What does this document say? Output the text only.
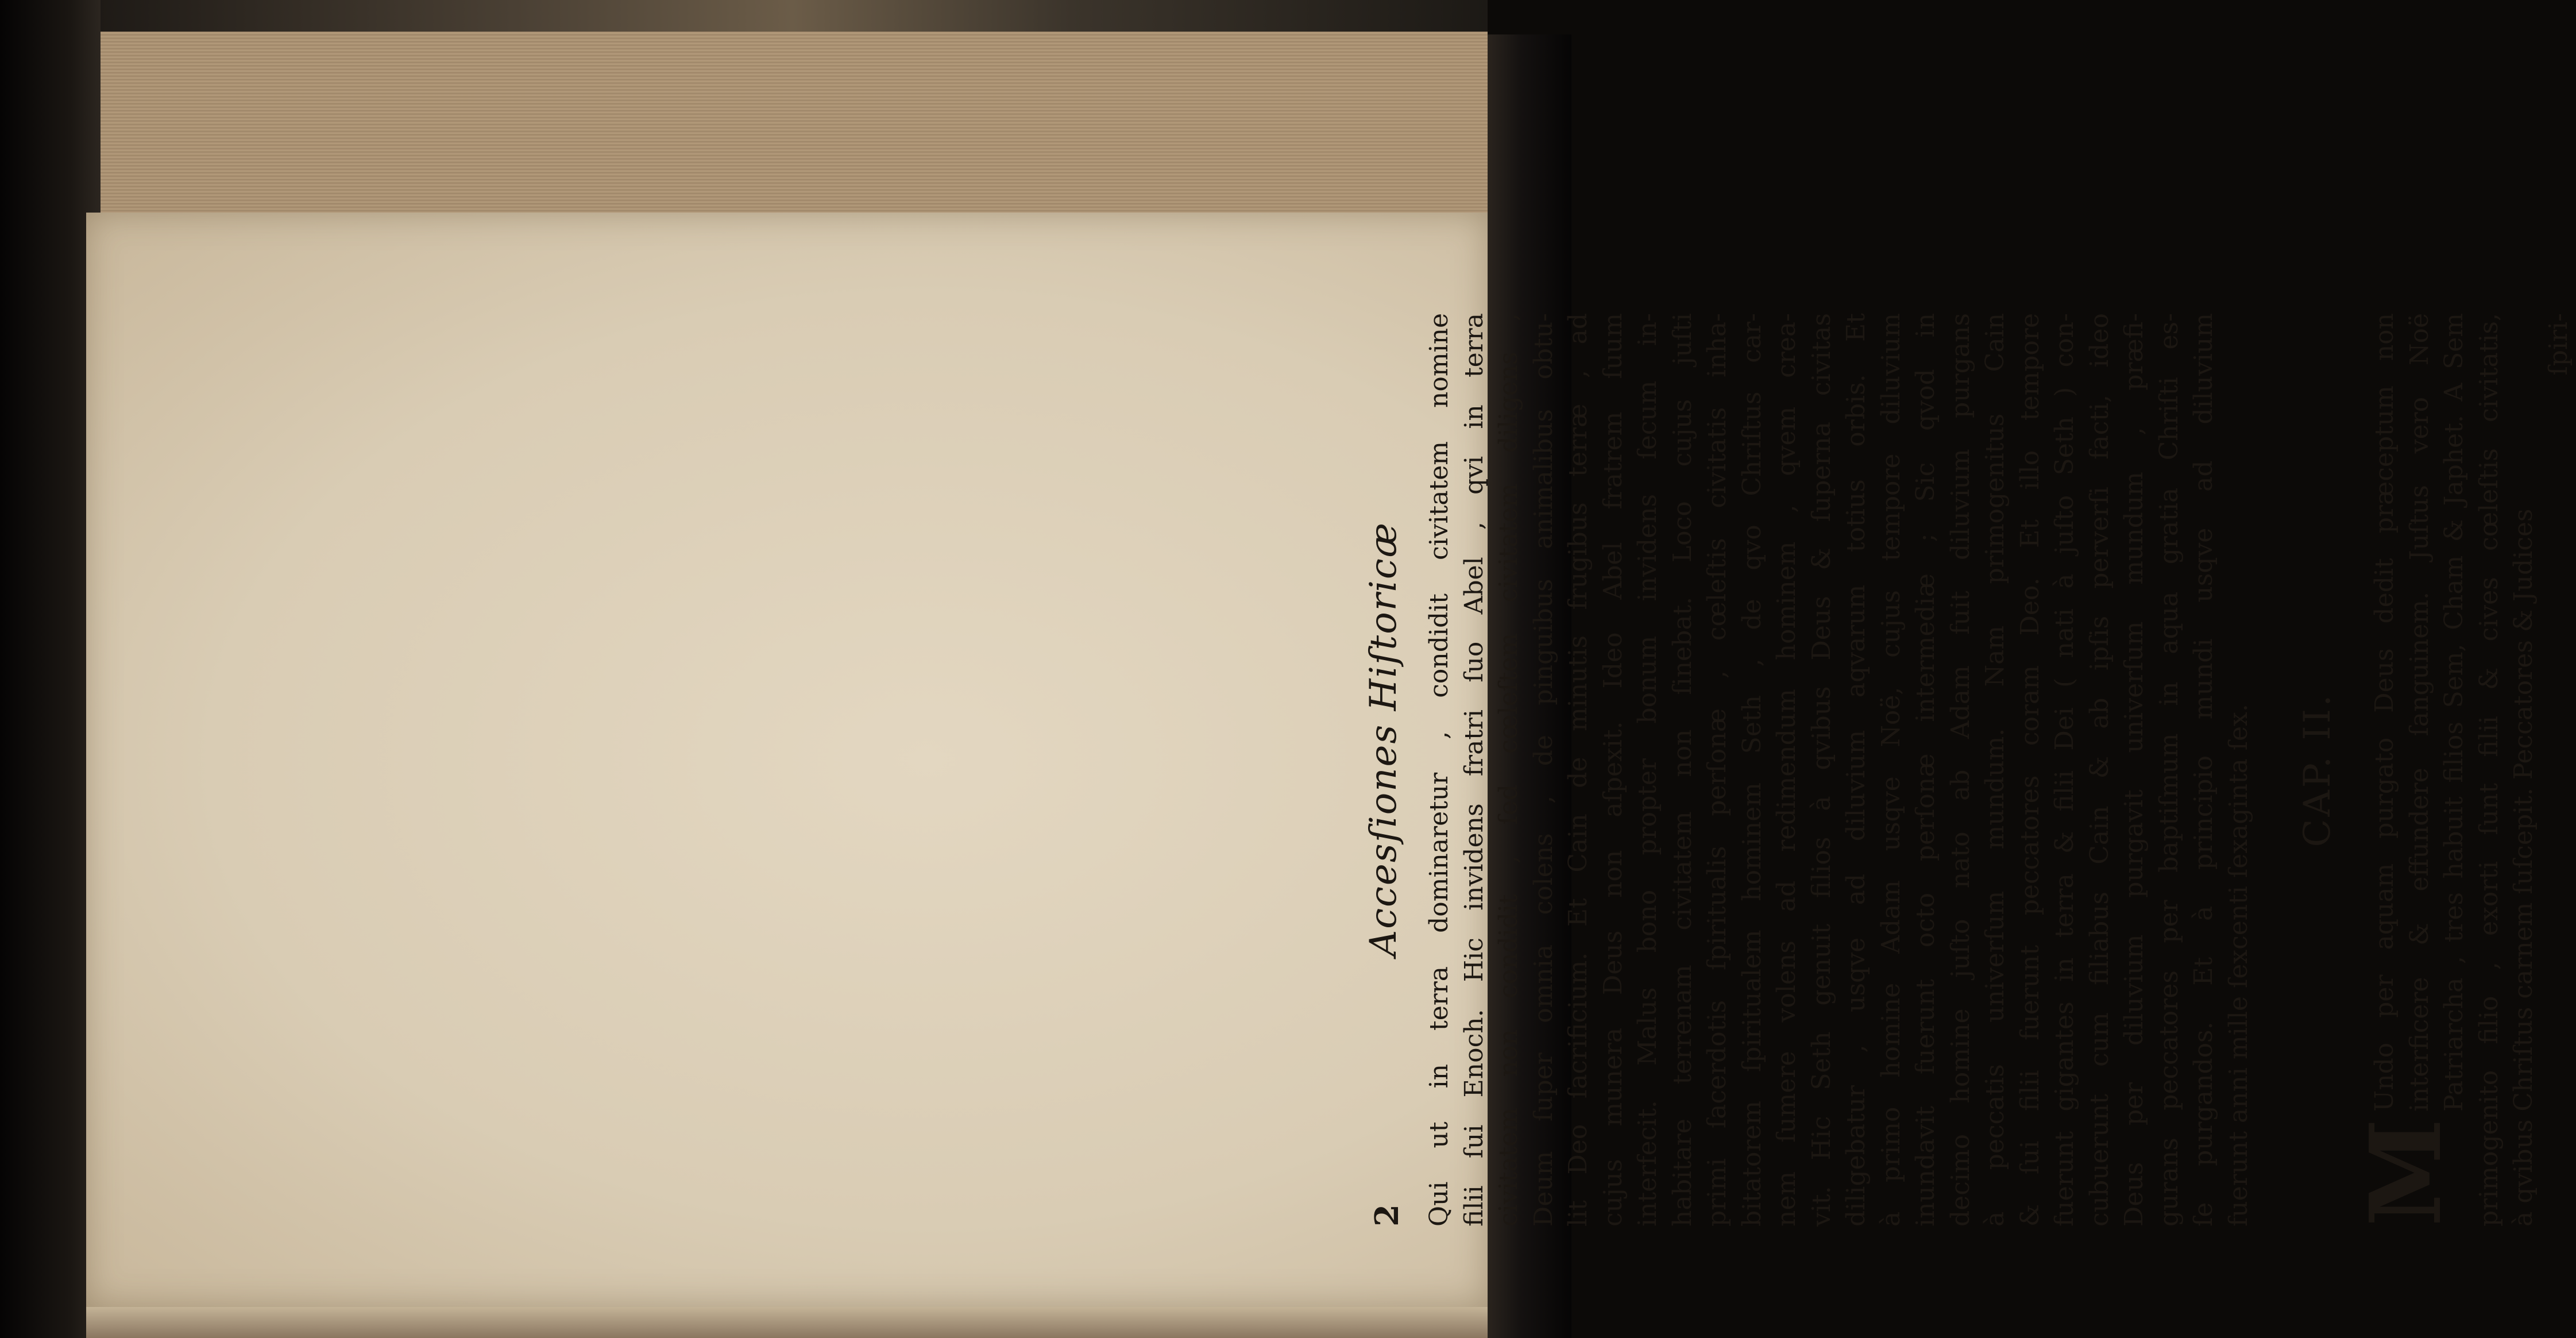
2
Accesſiones Hiſtoricæ Qui ut in terra dominaretur , condidit civitatem nomine filii ſui Enoch. Hic invidens fratri ſuo Abel , qvi in terra civitatem non condidit , ſed cœleſtem civitatem diligens , Deum ſuper omnia colens , de pinguibus animalibus obtu- lit Deo ſacrificium. Et Cain de minutis frugibus terræ , ad cujus munera Deus non aſpexit. Ideo Abel fratrem ſuum interfecit. Malus bono propter bonum invidens ſecum in- habitare terrenam civitatem non ſinebat. Loco cujus juſti primi ſacerdotis ſpiritualis perſonæ , cœleſtis civitatis inha- bitatorem ſpiritualem hominem Seth , de qvo Chriſtus car- nem ſumere volens ad redimendum hominem , qvem crea- vit. Hic Seth genuit filios à qvibus Deus & ſuperna civitas diligebatur , usqve ad diluvium aqvarum totius orbis. Et à primo homine Adam usqve Noë, cujus tempore diluvium inundavit fuerunt octo perſonæ intermediæ ; Sic qvod in decimo homine juſto nato ab Adam fuit diluvium purgans à peccatis univerſum mundum. Nam primogenitus Cain & ſui filii fuerunt peccatores coram Deo. Et illo tempore fuerunt gigantes in terra & filii Dei ( nati à juſto Seth ) con- cubuerunt cum filiabus Cain & ab ipſis perverſi facti, ideo Deus per diluvium purgavit univerſum mundum , præfi- gurans peccatores per baptiſmum in aqua gratia Chriſti es- ſe purgandos. Et à principio mundi usqve ad diluvium fuerunt anni mille ſexcenti ſexaginta ſex. CAP. II.
M
Undo per aquam purgato Deus dedit præceptum non interficere & effundere ſanguinem. Juſtus vero Noë Patriarcha , tres habuit filios Sem, Cham & Japhet. A Sem primogenito filio , exorti ſunt filii & cives cœleſtis civitatis, à qvibus Chriſtus carnem ſuſcepit. Peccatores & Judices
ſpiri-
